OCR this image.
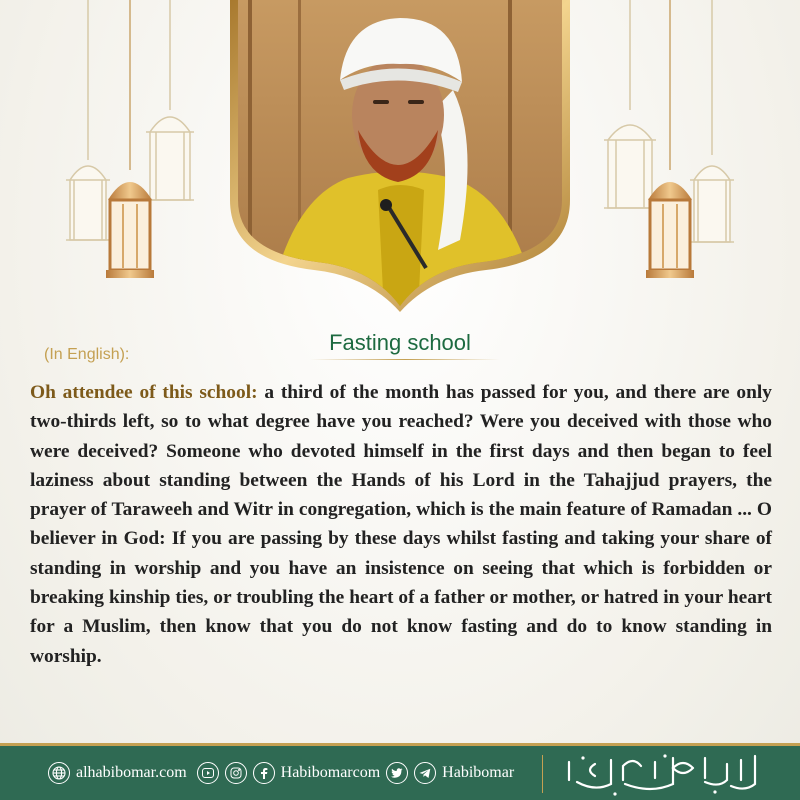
(In English):	Fasting school
Oh attendee of this school: a third of the month has passed for you, and there are only two-thirds left, so to what degree have you reached? Were you deceived with those who were deceived? Someone who devoted himself in the first days and then began to feel laziness about standing between the Hands of his Lord in the Tahajjud prayers, the prayer of Taraweeh and Witr in congregation, which is the main feature of Ramadan ... O believer in God: If you are passing by these days whilst fasting and taking your share of standing in worship and you have an insistence on seeing that which is forbidden or breaking kinship ties, or troubling the heart of a father or mother, or hatred in your heart for a Muslim, then know that you do not know fasting and do to know standing in worship.
alhabibomar.com	Habibomarcom	Habibomar
